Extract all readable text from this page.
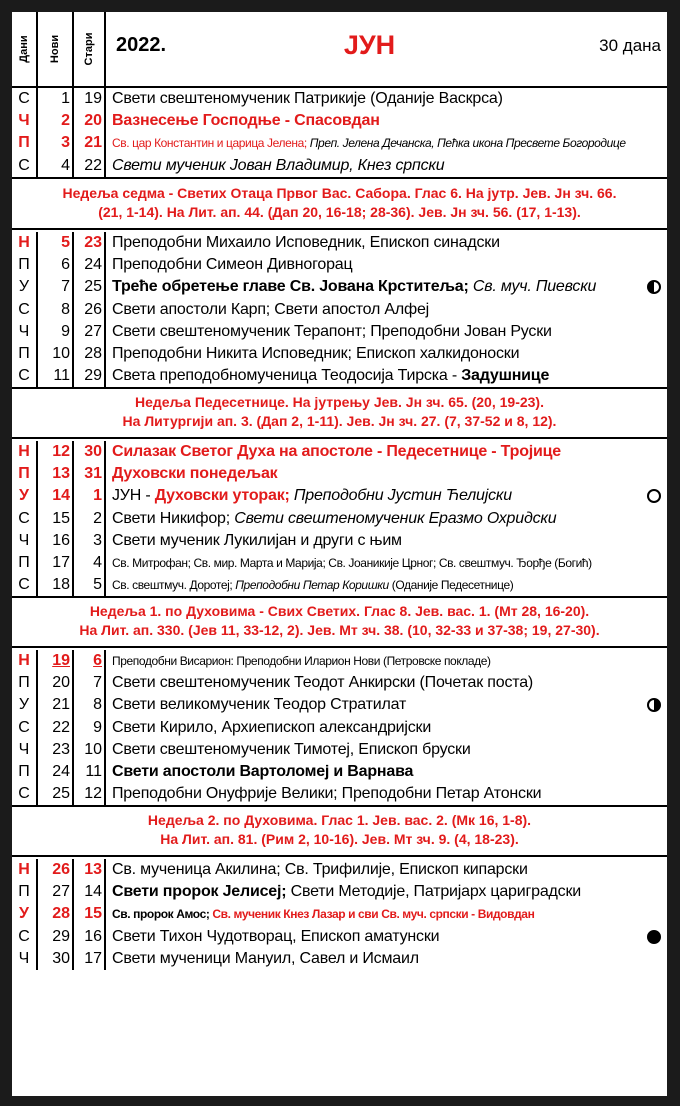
Дани Нови Стари 2022.	ЈУН	30 дана
С	1 19 Свети свештеномученик Патрикије (Оданије Васкрса)
Ч	2 20 Вазнесење Господње - Спасовдан
П	3 21 Св. цар Константин и царица Јелена; Преп. Јелена Дечанска, Пећка икона Пресвете Богородице
С	4 22 Свети мученик Јован Владимир, Кнез српски
Недеља седма - Светих Отаца Првог Вас. Сабора. Глас 6. На јутр. Јев. Јн зч. 66.
(21, 1-14). На Лит. ап. 44. (Дап 20, 16-18; 28-36). Јев. Јн зч. 56. (17, 1-13).
Н	5 23 Преподобни Михаило Исповедник, Епископ синадски
П	6 24 Преподобни Симеон Дивногорац
У	7 25 Треће обретење главе Св. Јована Крститеља; Св. муч. Пиевски
С	8 26 Свети апостоли Карп; Свети апостол Алфеј
Ч	9 27 Свети свештеномученик Терапонт; Преподобни Јован Руски
П	10 28 Преподобни Никита Исповедник; Епископ халкидоноски
С	11 29 Света преподобномученица Теодосија Тирска - Задушнице
Недеља Педесетнице. На јутрењу Јев. Јн зч. 65. (20, 19-23).
На Литургији ап. 3. (Дап 2, 1-11). Јев. Јн зч. 27. (7, 37-52 и 8, 12).
Н	12 30 Силазак Светог Духа на апостоле - Педесетнице - Тројице
П	13 31 Духовски понедељак
У	14	1 ЈУН - Духовски уторак; Преподобни Јустин Ћелијски
С	15	2 Свети Никифор; Свети свештеномученик Еразмо Охридски
Ч	16	3 Свети мученик Лукилијан и други с њим
П	17	4 Св. Митрофан; Св. мир. Марта и Марија; Св. Јоаникије Црног; Св. свештмуч. Ђорђе (Богић)
С	18	5 Св. свештмуч. Доротеј; Преподобни Петар Коришки (Оданије Педесетнице)
Недеља 1. по Духовима - Свих Светих. Глас 8. Јев. вас. 1. (Мт 28, 16-20).
На Лит. ап. 330. (Јев 11, 33-12, 2). Јев. Мт зч. 38. (10, 32-33 и 37-38; 19, 27-30).
Н	19	6 Преподобни Висарион: Преподобни Иларион Нови (Петровске покладе)
П	20	7 Свети свештеномученик Теодот Анкирски (Почетак поста)
У	21	8 Свети великомученик Теодор Стратилат
С	22	9 Свети Кирило, Архиепископ александријски
Ч	23 10 Свети свештеномученик Тимотеј, Епископ бруски
П	24 11 Свети апостоли Вартоломеј и Варнава
С	25 12 Преподобни Онуфрије Велики; Преподобни Петар Атонски
Недеља 2. по Духовима. Глас 1. Јев. вас. 2. (Мк 16, 1-8).
На Лит. ап. 81. (Рим 2, 10-16). Јев. Мт зч. 9. (4, 18-23).
Н	26 13 Св. мученица Акилина; Св. Трифилије, Епископ кипарски
П	27 14 Свети пророк Јелисеј; Свети Методије, Патријарх цариградски
У	28 15 Св. пророк Амос; Св. мученик Кнез Лазар и сви Св. муч. српски - Видовдан
С	29 16 Свети Тихон Чудотворац, Епископ аматунски
Ч	30 17 Свети мученици Мануил, Савел и Исмаил
